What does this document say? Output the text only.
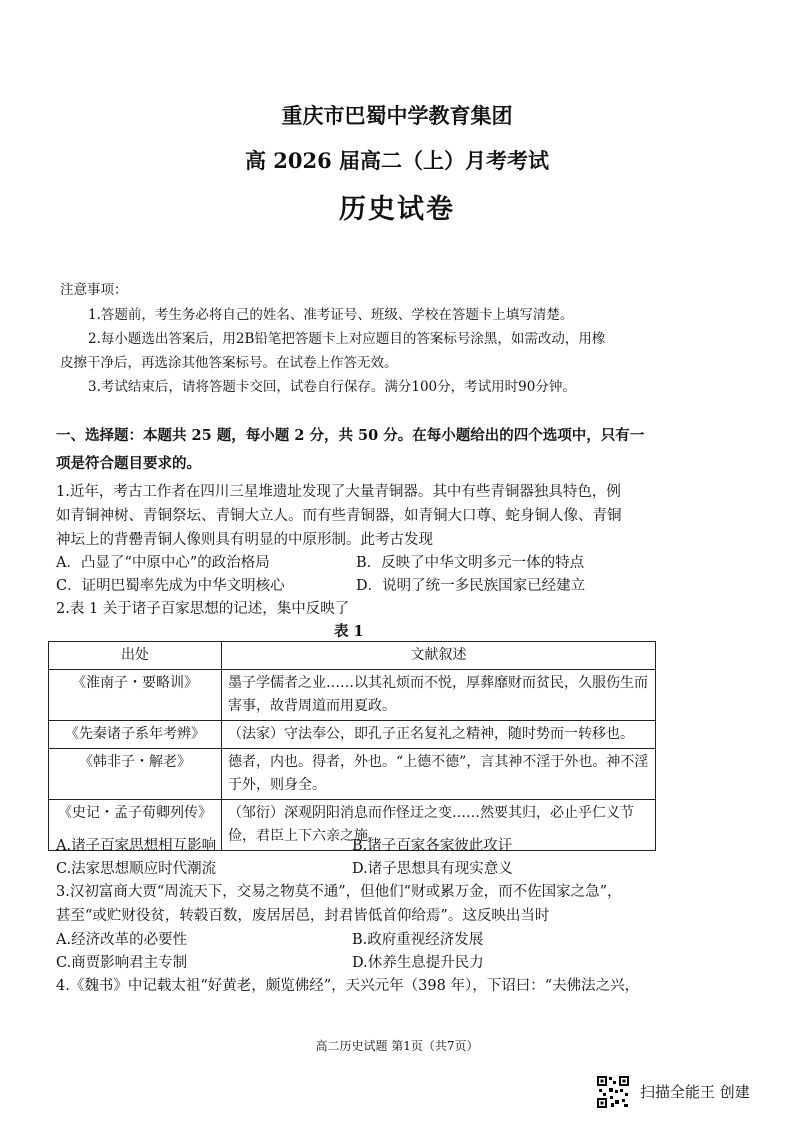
重庆市巴蜀中学教育集团
高 2026 届高二（上）月考考试
历史试卷
注意事项：
1.答题前，考生务必将自己的姓名、准考证号、班级、学校在答题卡上填写清楚。
2.每小题选出答案后，用2B铅笔把答题卡上对应题目的答案标号涂黑，如需改动，用橡
皮擦干净后，再选涂其他答案标号。在试卷上作答无效。
3.考试结束后，请将答题卡交回，试卷自行保存。满分100分，考试用时90分钟。
一、选择题：本题共 25 题，每小题 2 分，共 50 分。在每小题给出的四个选项中，只有一
项是符合题目要求的。
1.近年，考古工作者在四川三星堆遗址发现了大量青铜器。其中有些青铜器独具特色，例
如青铜神树、青铜祭坛、青铜大立人。而有些青铜器，如青铜大口尊、蛇身铜人像、青铜
神坛上的背罍青铜人像则具有明显的中原形制。此考古发现
A．凸显了“中原中心”的政治格局	B．反映了中华文明多元一体的特点
C．证明巴蜀率先成为中华文明核心	D．说明了统一多民族国家已经建立
2.表 1 关于诸子百家思想的记述，集中反映了
表 1
出处	文献叙述
《淮南子・要略训》	墨子学儒者之业……以其礼烦而不悦，厚葬靡财而贫民，久服伤生而害事，故背周道而用夏政。
《先秦诸子系年考辨》	（法家）守法奉公，即孔子正名复礼之精神，随时势而一转移也。
《韩非子・解老》	德者，内也。得者，外也。“上德不德”，言其神不淫于外也。神不淫于外，则身全。
《史记・孟子荀卿列传》	（邹衍）深观阴阳消息而作怪迂之变……然要其归，必止乎仁义节俭，君臣上下六亲之施。
A.诸子百家思想相互影响	B.诸子百家各家彼此攻讦
C.法家思想顺应时代潮流	D.诸子思想具有现实意义
3.汉初富商大贾“周流天下，交易之物莫不通”，但他们“财或累万金，而不佐国家之急”，
甚至“或贮财役贫，转毂百数，废居居邑，封君皆低首仰给焉”。这反映出当时
A.经济改革的必要性	B.政府重视经济发展
C.商贾影响君主专制	D.休养生息提升民力
4.《魏书》中记载太祖“好黄老，颇览佛经”，天兴元年（398 年），下诏曰：“夫佛法之兴，
高二历史试题 第1页（共7页）
扫描全能王 创建
